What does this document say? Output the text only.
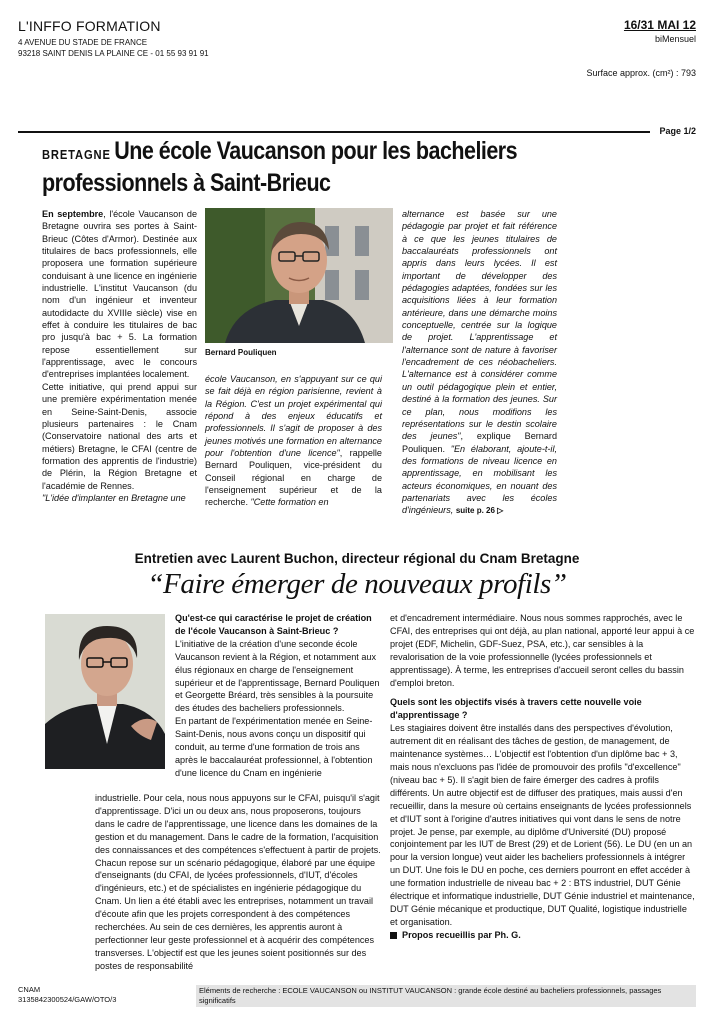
L'INFFO FORMATION
4 AVENUE DU STADE DE FRANCE
93218 SAINT DENIS LA PLAINE CE - 01 55 93 91 91
16/31 MAI 12
biMensuel
Surface approx. (cm²) : 793
Page 1/2
BRETAGNE Une école Vaucanson pour les bacheliers professionnels à Saint-Brieuc

En septembre, l'école Vaucanson de Bretagne ouvrira ses portes à Saint-Brieuc (Côtes d'Armor). Destinée aux titulaires de bacs professionnels, elle proposera une formation supérieure conduisant à une licence en ingénierie industrielle. L'institut Vaucanson (du nom d'un ingénieur et inventeur autodidacte du XVIIIe siècle) vise en effet à conduire les titulaires de bac pro jusqu'à bac + 5. La formation repose essentiellement sur l'apprentissage, avec le concours d'entreprises implantées localement.

Cette initiative, qui prend appui sur une première expérimentation menée en Seine-Saint-Denis, associe plusieurs partenaires : le Cnam (Conservatoire national des arts et métiers) Bretagne, le CFAI (centre de formation des apprentis de l'industrie) de Plérin, la Région Bretagne et l'académie de Rennes.

"L'idée d'implanter en Bretagne une

Bernard Pouliquen

école Vaucanson, en s'appuyant sur ce qui se fait déjà en région parisienne, revient à la Région. C'est un projet expérimental qui répond à des enjeux éducatifs et professionnels. Il s'agit de proposer à des jeunes motivés une formation en alternance pour l'obtention d'une licence", rappelle Bernard Pouliquen, vice-président du Conseil régional en charge de l'enseignement supérieur et de la recherche. "Cette formation en

alternance est basée sur une pédagogie par projet et fait référence à ce que les jeunes titulaires de baccalauréats professionnels ont appris dans leurs lycées. Il est important de développer des pédagogies adaptées, fondées sur les acquisitions liées à leur formation antérieure, dans une démarche moins conceptuelle, centrée sur la logique de projet. L'apprentissage et l'alternance sont de nature à favoriser l'encadrement de ces néobacheliers. L'alternance est à considérer comme un outil pédagogique plein et entier, destiné à la formation des jeunes. Sur ce plan, nous modifions les représentations sur le destin scolaire des jeunes", explique Bernard Pouliquen. "En élaborant, ajoute-t-il, des formations de niveau licence en apprentissage, en mobilisant les acteurs économiques, en nouant des partenariats avec les écoles d'ingénieurs, suite p. 26 ▷

Entretien avec Laurent Buchon, directeur régional du Cnam Bretagne
“Faire émerger de nouveaux profils”

Qu'est-ce qui caractérise le projet de création de l'école Vaucanson à Saint-Brieuc ?

L'initiative de la création d'une seconde école Vaucanson revient à la Région, et notamment aux élus régionaux en charge de l'enseignement supérieur et de l'apprentissage, Bernard Pouliquen et Georgette Bréard, très sensibles à la poursuite des études des bacheliers professionnels.

En partant de l'expérimentation menée en Seine-Saint-Denis, nous avons conçu un dispositif qui conduit, au terme d'une formation de trois ans après le baccalauréat professionnel, à l'obtention d'une licence du Cnam en ingénierie

industrielle. Pour cela, nous nous appuyons sur le CFAI, puisqu'il s'agit d'apprentissage. D'ici un ou deux ans, nous proposerons, toujours dans le cadre de l'apprentissage, une licence dans les domaines de la gestion et du management. Dans le cadre de la formation, l'acquisition des connaissances et des compétences s'effectuent à partir de projets. Chacun repose sur un scénario pédagogique, élaboré par une équipe d'enseignants (du CFAI, de lycées professionnels, d'IUT, d'écoles d'ingénieurs, etc.) et de spécialistes en ingénierie pédagogique du Cnam. Un lien a été établi avec les entreprises, notamment un travail d'écoute afin que les projets correspondent à des compétences recherchées. Au sein de ces dernières, les apprentis auront à perfectionner leur geste professionnel et à acquérir des compétences transverses. L'objectif est que les jeunes soient positionnés sur des postes de responsabilité

et d'encadrement intermédiaire. Nous nous sommes rapprochés, avec le CFAI, des entreprises qui ont déjà, au plan national, apporté leur appui à ce projet (EDF, Michelin, GDF-Suez, PSA, etc.), car sensibles à la revalorisation de la voie professionnelle (lycées professionnels et apprentissage). À terme, les entreprises d'accueil seront celles du bassin d'emploi breton.

Quels sont les objectifs visés à travers cette nouvelle voie d'apprentissage ?

Les stagiaires doivent être installés dans des perspectives d'évolution, autrement dit en réalisant des tâches de gestion, de management, de maintenance systèmes… L'objectif est l'obtention d'un diplôme bac + 3, mais nous n'excluons pas l'idée de promouvoir des profils "d'excellence" (niveau bac + 5). Il s'agit bien de faire émerger des cadres à profils différents. Un autre objectif est de diffuser des pratiques, mais aussi d'en recueillir, dans la mesure où certains enseignants de lycées professionnels et d'IUT sont à l'origine d'autres initiatives qui vont dans le sens de notre projet. Je pense, par exemple, au diplôme d'Université (DU) proposé conjointement par les IUT de Brest (29) et de Lorient (56). Le DU (en un an pour la version longue) veut aider les bacheliers professionnels à intégrer un DUT. Une fois le DU en poche, ces derniers pourront en effet accéder à une formation industrielle de niveau bac + 2 : BTS industriel, DUT Génie électrique et informatique industrielle, DUT Génie industriel et maintenance, DUT Génie mécanique et productique, DUT Qualité, logistique industrielle et organisation.

Propos recueillis par Ph. G.

CNAM
3135842300524/GAW/OTO/3
Eléments de recherche : ECOLE VAUCANSON ou INSTITUT VAUCANSON : grande école destiné au bacheliers professionnels, passages significatifs
